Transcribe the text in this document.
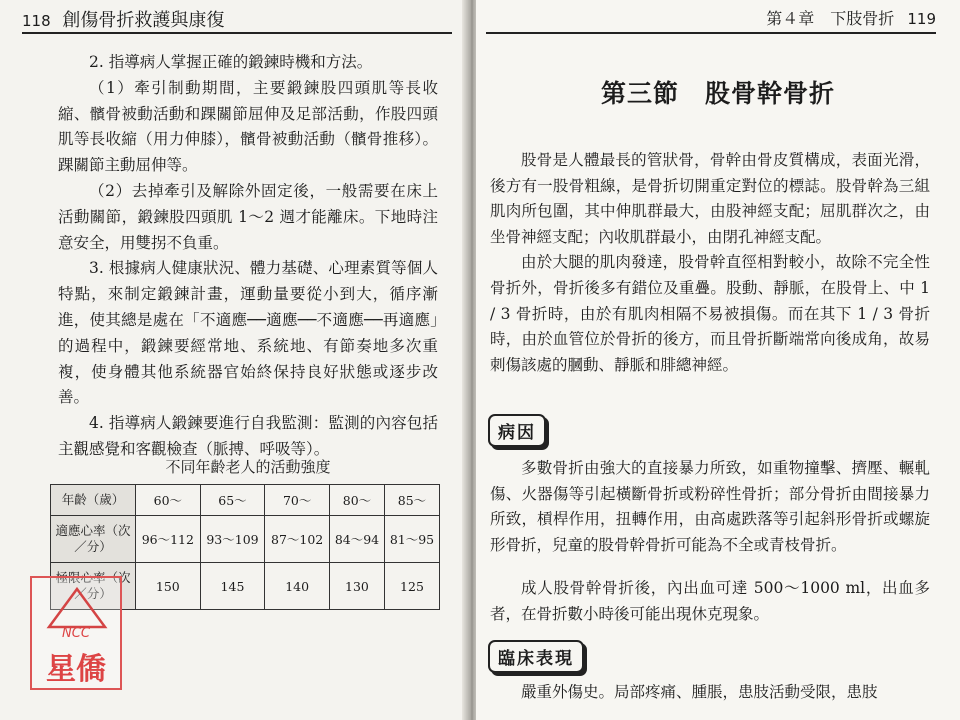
118 創傷骨折救護與康復

2. 指導病人掌握正確的鍛鍊時機和方法。

（1）牽引制動期間，主要鍛鍊股四頭肌等長收縮、髕骨被動活動和踝關節屈伸及足部活動，作股四頭肌等長收縮（用力伸膝），髕骨被動活動（髕骨推移）。踝關節主動屈伸等。

（2）去掉牽引及解除外固定後，一般需要在床上活動關節，鍛鍊股四頭肌 1～2 週才能離床。下地時注意安全，用雙拐不負重。

3. 根據病人健康狀況、體力基礎、心理素質等個人特點，來制定鍛鍊計畫，運動量要從小到大，循序漸進，使其總是處在「不適應──適應──不適應──再適應」的過程中，鍛鍊要經常地、系統地、有節奏地多次重複，使身體其他系統器官始終保持良好狀態或逐步改善。

4. 指導病人鍛鍊要進行自我監測：監測的內容包括主觀感覺和客觀檢查（脈搏、呼吸等）。

不同年齡老人的活動強度
年齡（歲）	60～	65～	70～	80～	85～
適應心率（次／分）	96～112	93～109	87～102	84～94	81～95
極限心率（次／分）	150	145	140	130	125
NCC
星僑
第４章　下肢骨折 119
第三節　股骨幹骨折

股骨是人體最長的管狀骨，骨幹由骨皮質構成，表面光滑，後方有一股骨粗線，是骨折切開重定對位的標誌。股骨幹為三組肌肉所包圍，其中伸肌群最大，由股神經支配；屈肌群次之，由坐骨神經支配；內收肌群最小，由閉孔神經支配。

由於大腿的肌肉發達，股骨幹直徑相對較小，故除不完全性骨折外，骨折後多有錯位及重疊。股動、靜脈，在股骨上、中 1 / 3 骨折時，由於有肌肉相隔不易被損傷。而在其下 1 / 3 骨折時，由於血管位於骨折的後方，而且骨折斷端常向後成角，故易刺傷該處的膕動、靜脈和腓總神經。

病因

多數骨折由強大的直接暴力所致，如重物撞擊、擠壓、輾軋傷、火器傷等引起橫斷骨折或粉碎性骨折；部分骨折由間接暴力所致，槓桿作用，扭轉作用，由高處跌落等引起斜形骨折或螺旋形骨折，兒童的股骨幹骨折可能為不全或青枝骨折。

成人股骨幹骨折後，內出血可達 500～1000 ml，出血多者，在骨折數小時後可能出現休克現象。

臨床表現

嚴重外傷史。局部疼痛、腫脹，患肢活動受限，患肢
